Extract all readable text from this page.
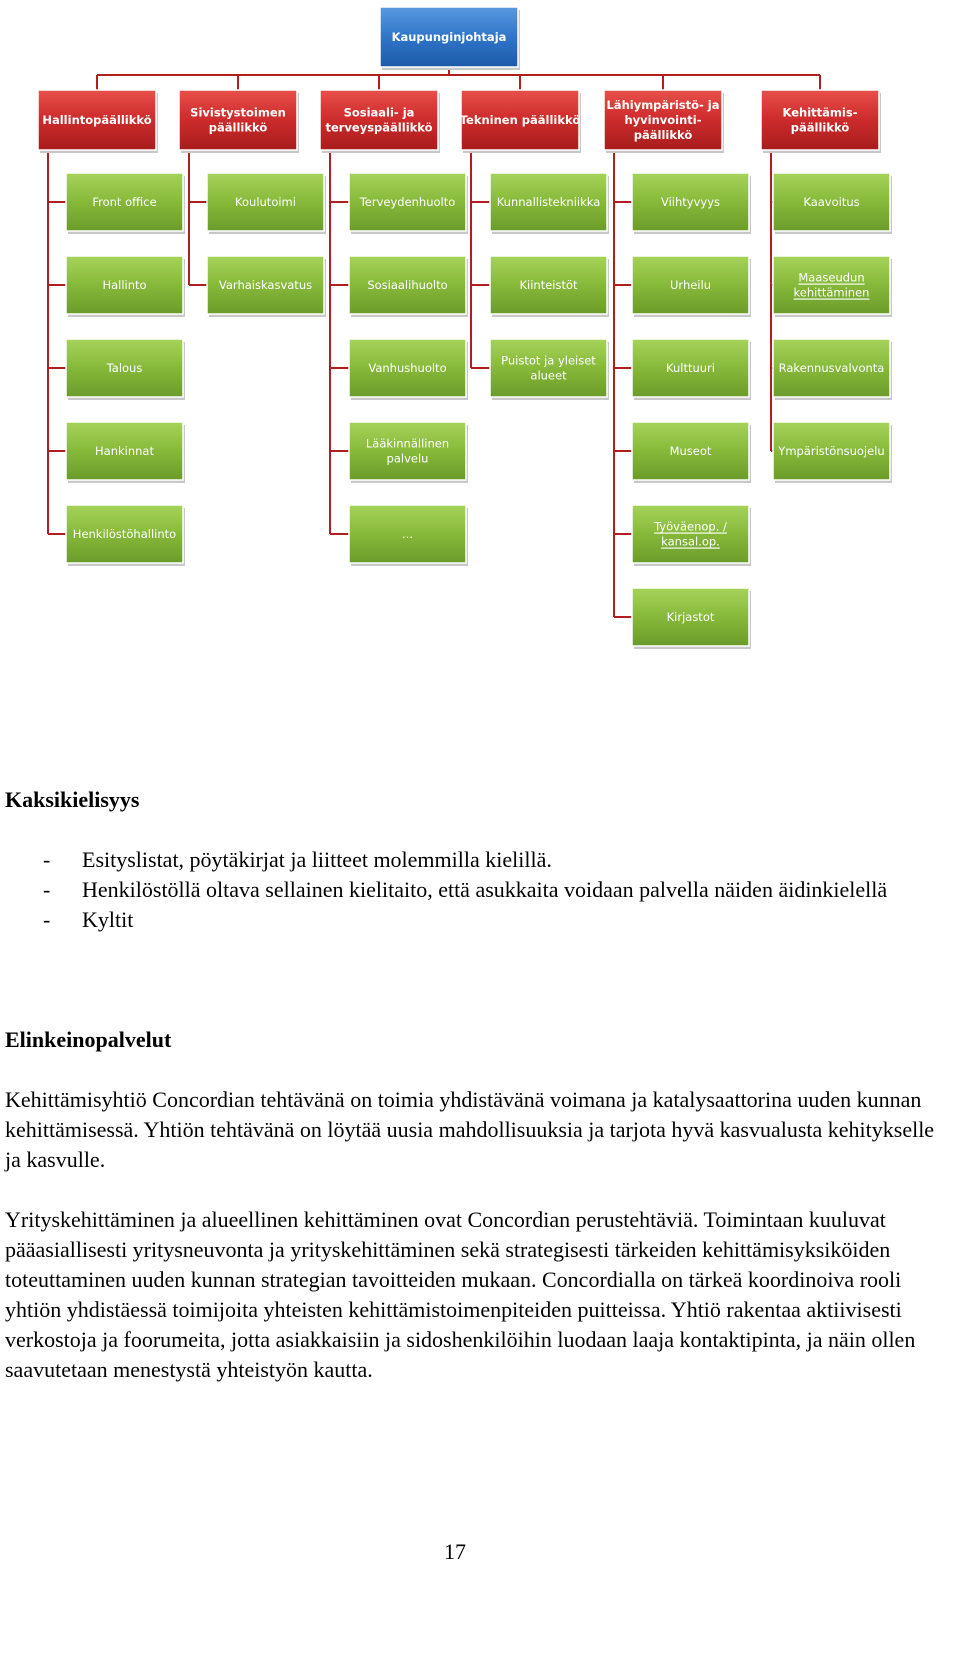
Kaupunginjohtaja
Hallintopäällikkö
Front office
Hallinto
Talous
Hankinnat
Henkilöstöhallinto
Sivistystoimen
päällikkö
Koulutoimi
Varhaiskasvatus
Sosiaali- ja
terveyspäällikkö
Terveydenhuolto
Sosiaalihuolto
Vanhushuolto
Lääkinnällinen
palvelu
...
Tekninen päällikkö
Kunnallistekniikka
Kiinteistöt
Puistot ja yleiset
alueet
Lähiympäristö- ja
hyvinvointi-
päällikkö
Viihtyvyys
Urheilu
Kulttuuri
Museot
Työväenop. /
kansal.op.
Kirjastot
Kehittämis-
päällikkö
Kaavoitus
Maaseudun
kehittäminen
Rakennusvalvonta
Ympäristönsuojelu
Kaksikielisyys
- Esityslistat, pöytäkirjat ja liitteet molemmilla kielillä.
- Henkilöstöllä oltava sellainen kielitaito, että asukkaita voidaan palvella näiden äidinkielellä
- Kyltit
Elinkeinopalvelut

Kehittämisyhtiö Concordian tehtävänä on toimia yhdistävänä voimana ja katalysaattorina uuden kunnan kehittämisessä. Yhtiön tehtävänä on löytää uusia mahdollisuuksia ja tarjota hyvä kasvualusta kehitykselle ja kasvulle.

Yrityskehittäminen ja alueellinen kehittäminen ovat Concordian perustehtäviä. Toimintaan kuuluvat pääasiallisesti yritysneuvonta ja yrityskehittäminen sekä strategisesti tärkeiden kehittämisyksiköiden toteuttaminen uuden kunnan strategian tavoitteiden mukaan. Concordialla on tärkeä koordinoiva rooli yhtiön yhdistäessä toimijoita yhteisten kehittämistoimenpiteiden puitteissa. Yhtiö rakentaa aktiivisesti verkostoja ja foorumeita, jotta asiakkaisiin ja sidoshenkilöihin luodaan laaja kontaktipinta, ja näin ollen saavutetaan menestystä yhteistyön kautta.

17
